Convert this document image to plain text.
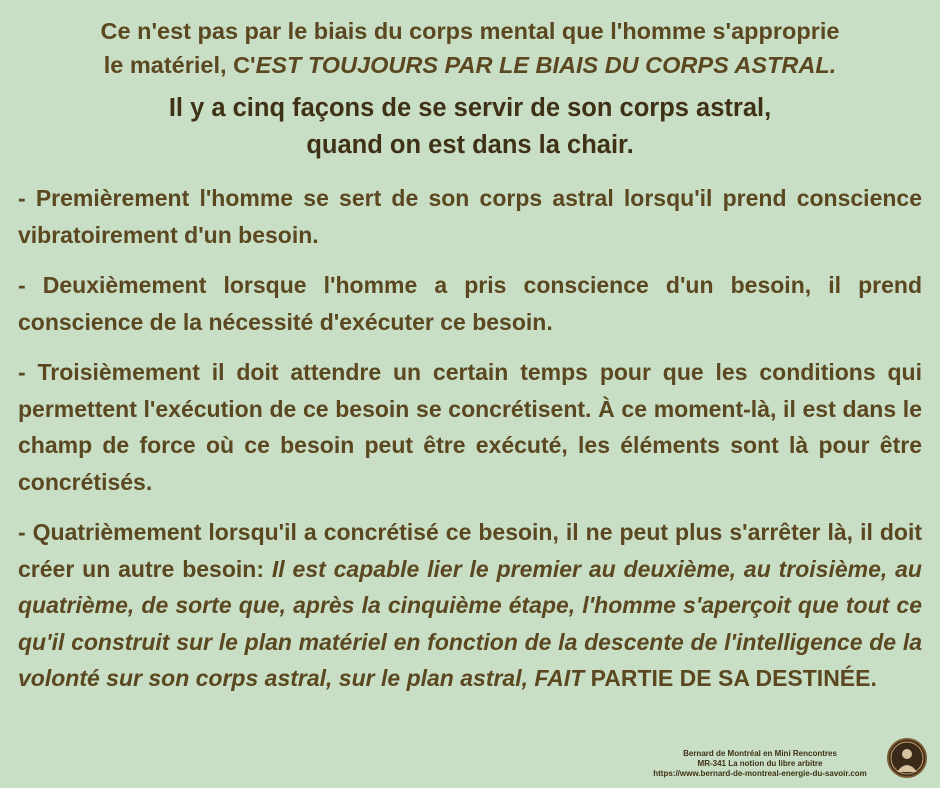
Ce n'est pas par le biais du corps mental que l'homme s'approprie
le matériel, C'EST TOUJOURS PAR LE BIAIS DU CORPS ASTRAL.
Il y a cinq façons de se servir de son corps astral,
quand on est dans la chair.

- Premièrement l'homme se sert de son corps astral lorsqu'il prend conscience vibratoirement d'un besoin.

- Deuxièmement lorsque l'homme a pris conscience d'un besoin, il prend conscience de la nécessité d'exécuter ce besoin.

- Troisièmement il doit attendre un certain temps pour que les conditions qui permettent l'exécution de ce besoin se concrétisent. À ce moment-là, il est dans le champ de force où ce besoin peut être exécuté, les éléments sont là pour être concrétisés.

- Quatrièmement lorsqu'il a concrétisé ce besoin, il ne peut plus s'arrêter là, il doit créer un autre besoin: Il est capable lier le premier au deuxième, au troisième, au quatrième, de sorte que, après la cinquième étape, l'homme s'aperçoit que tout ce qu'il construit sur le plan matériel en fonction de la descente de l'intelligence de la volonté sur son corps astral, sur le plan astral, FAIT PARTIE DE SA DESTINÉE.

Bernard de Montréal en Mini Rencontres
MR-341 La notion du libre arbitre
https://www.bernard-de-montreal-energie-du-savoir.com
